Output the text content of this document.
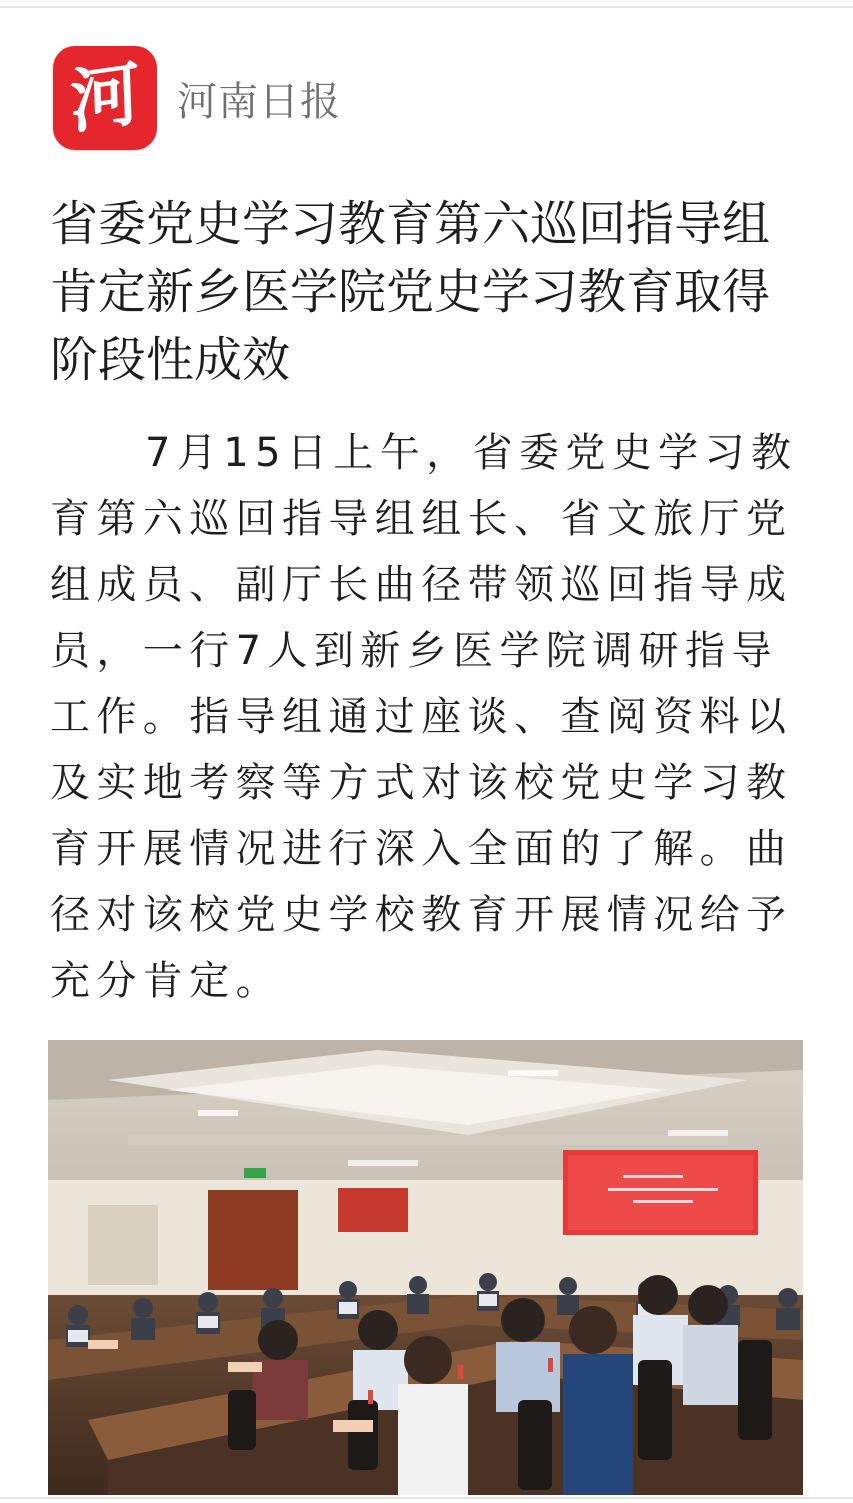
河 河南日报
省委党史学习教育第六巡回指导组肯定新乡医学院党史学习教育取得阶段性成效

7月15日上午，省委党史学习教育第六巡回指导组组长、省文旅厅党组成员、副厅长曲径带领巡回指导成员，一行7人到新乡医学院调研指导工作。指导组通过座谈、查阅资料以及实地考察等方式对该校党史学习教育开展情况进行深入全面的了解。曲径对该校党史学校教育开展情况给予充分肯定。
